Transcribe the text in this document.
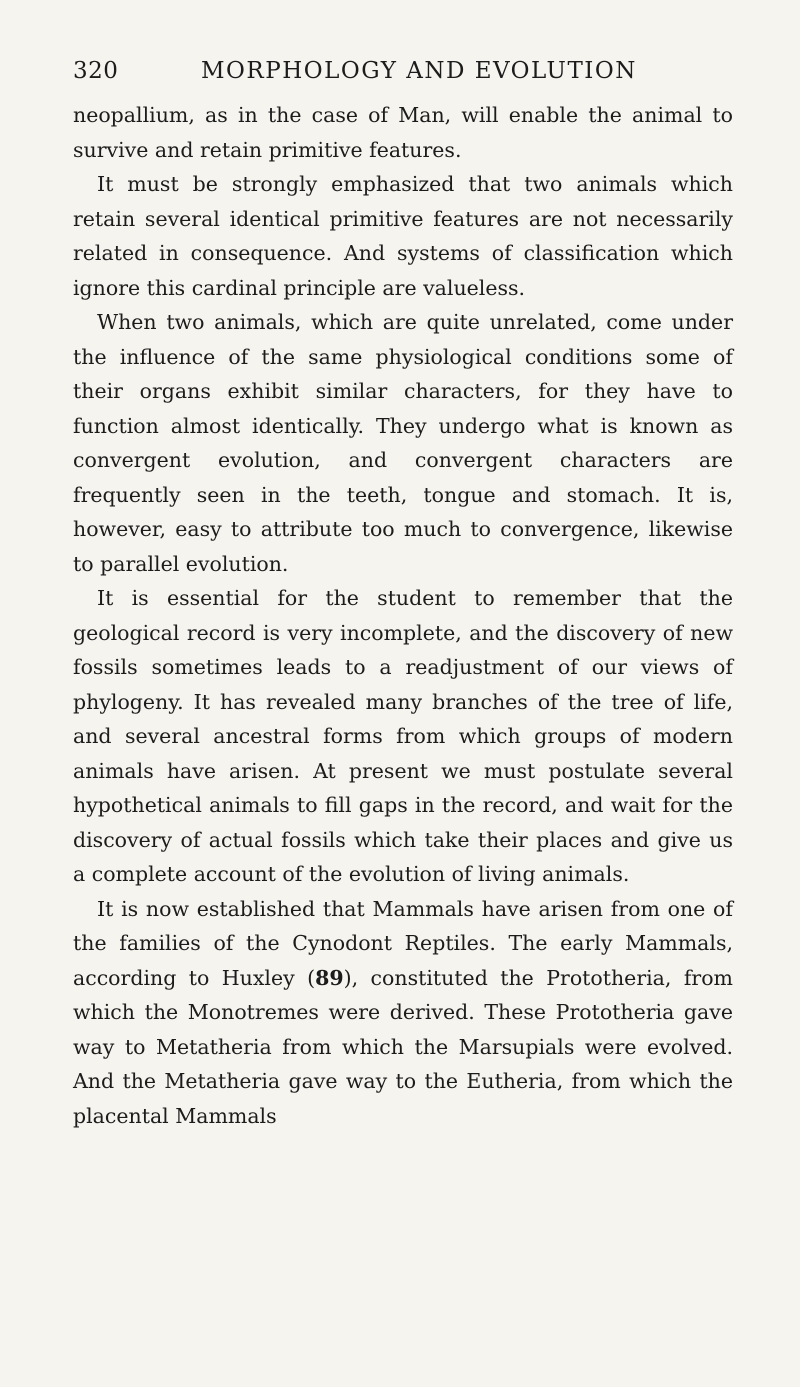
320	MORPHOLOGY AND EVOLUTION

neopallium, as in the case of Man, will enable the animal to survive and retain primitive features.

It must be strongly emphasized that two animals which retain several identical primitive features are not necessarily related in consequence. And systems of classification which ignore this cardinal principle are valueless.

When two animals, which are quite unrelated, come under the influence of the same physiological conditions some of their organs exhibit similar characters, for they have to function almost identically. They undergo what is known as convergent evolution, and convergent characters are frequently seen in the teeth, tongue and stomach. It is, however, easy to attribute too much to convergence, likewise to parallel evolution.

It is essential for the student to remember that the geological record is very incomplete, and the discovery of new fossils sometimes leads to a readjustment of our views of phylogeny. It has revealed many branches of the tree of life, and several ancestral forms from which groups of modern animals have arisen. At present we must postulate several hypothetical animals to fill gaps in the record, and wait for the discovery of actual fossils which take their places and give us a complete account of the evolution of living animals.

It is now established that Mammals have arisen from one of the families of the Cynodont Reptiles. The early Mammals, according to Huxley (89), constituted the Prototheria, from which the Monotremes were derived. These Prototheria gave way to Metatheria from which the Marsupials were evolved. And the Metatheria gave way to the Eutheria, from which the placental Mammals
